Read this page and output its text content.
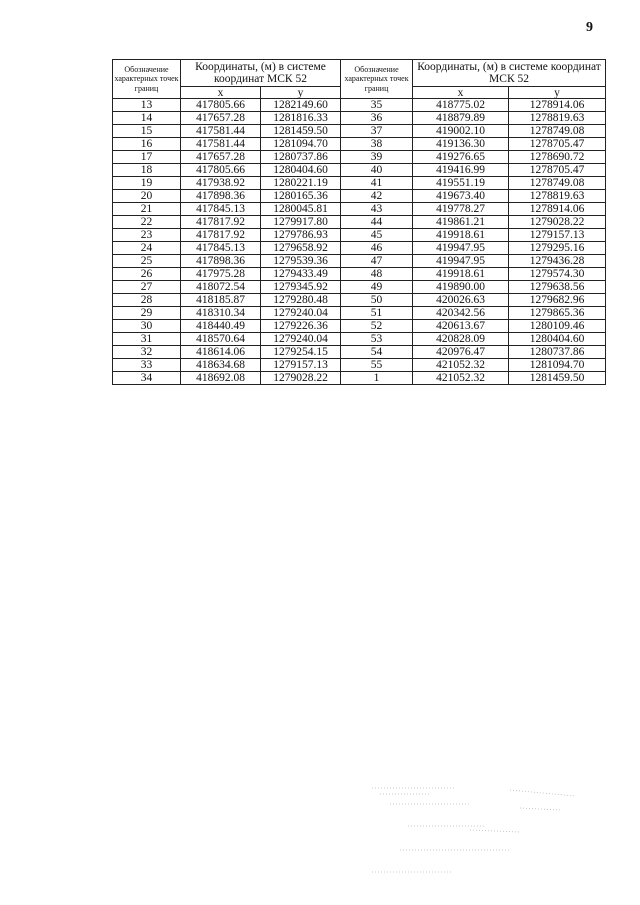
9
Обозначение характерных точек границ	Координаты, (м) в системе координат МСК 52		Обозначение характерных точек границ	Координаты, (м) в системе координат МСК 52	
	x	y		x	y
13	417805.66	1282149.60	35	418775.02	1278914.06
14	417657.28	1281816.33	36	418879.89	1278819.63
15	417581.44	1281459.50	37	419002.10	1278749.08
16	417581.44	1281094.70	38	419136.30	1278705.47
17	417657.28	1280737.86	39	419276.65	1278690.72
18	417805.66	1280404.60	40	419416.99	1278705.47
19	417938.92	1280221.19	41	419551.19	1278749.08
20	417898.36	1280165.36	42	419673.40	1278819.63
21	417845.13	1280045.81	43	419778.27	1278914.06
22	417817.92	1279917.80	44	419861.21	1279028.22
23	417817.92	1279786.93	45	419918.61	1279157.13
24	417845.13	1279658.92	46	419947.95	1279295.16
25	417898.36	1279539.36	47	419947.95	1279436.28
26	417975.28	1279433.49	48	419918.61	1279574.30
27	418072.54	1279345.92	49	419890.00	1279638.56
28	418185.87	1279280.48	50	420026.63	1279682.96
29	418310.34	1279240.04	51	420342.56	1279865.36
30	418440.49	1279226.36	52	420613.67	1280109.46
31	418570.64	1279240.04	53	420828.09	1280404.60
32	418614.06	1279254.15	54	420976.47	1280737.86
33	418634.68	1279157.13	55	421052.32	1281094.70
34	418692.08	1279028.22	1	421052.32	1281459.50
